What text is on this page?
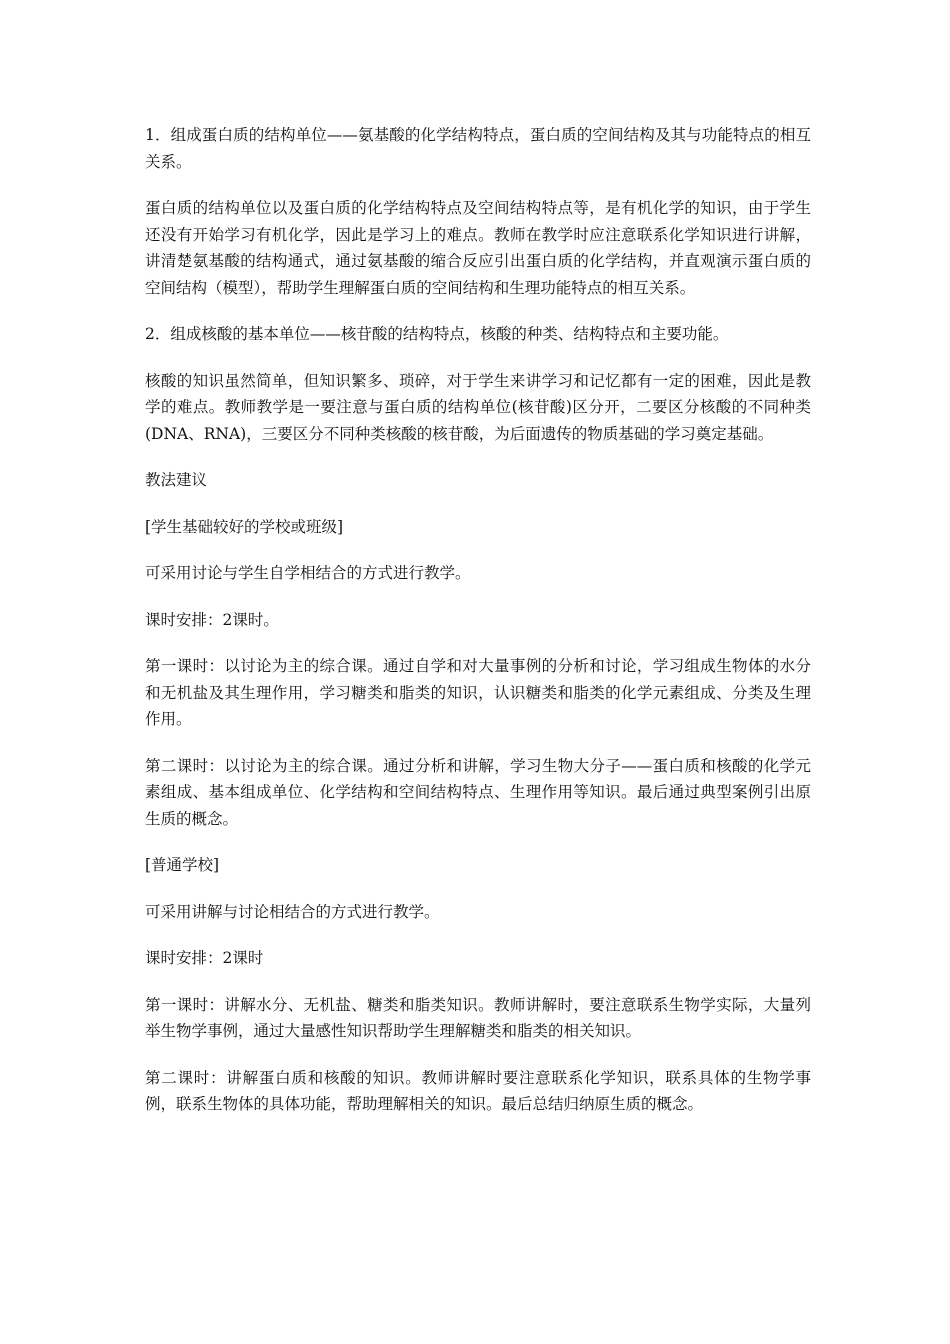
1．组成蛋白质的结构单位——氨基酸的化学结构特点，蛋白质的空间结构及其与功能特点的相互关系。

蛋白质的结构单位以及蛋白质的化学结构特点及空间结构特点等，是有机化学的知识，由于学生还没有开始学习有机化学，因此是学习上的难点。教师在教学时应注意联系化学知识进行讲解，讲清楚氨基酸的结构通式，通过氨基酸的缩合反应引出蛋白质的化学结构，并直观演示蛋白质的空间结构（模型），帮助学生理解蛋白质的空间结构和生理功能特点的相互关系。

2．组成核酸的基本单位——核苷酸的结构特点，核酸的种类、结构特点和主要功能。

核酸的知识虽然简单，但知识繁多、琐碎，对于学生来讲学习和记忆都有一定的困难，因此是教学的难点。教师教学是一要注意与蛋白质的结构单位(核苷酸)区分开，二要区分核酸的不同种类(DNA、RNA)，三要区分不同种类核酸的核苷酸，为后面遗传的物质基础的学习奠定基础。

教法建议

[学生基础较好的学校或班级]

可采用讨论与学生自学相结合的方式进行教学。

课时安排：2课时。

第一课时：以讨论为主的综合课。通过自学和对大量事例的分析和讨论，学习组成生物体的水分和无机盐及其生理作用，学习糖类和脂类的知识，认识糖类和脂类的化学元素组成、分类及生理作用。

第二课时：以讨论为主的综合课。通过分析和讲解，学习生物大分子——蛋白质和核酸的化学元素组成、基本组成单位、化学结构和空间结构特点、生理作用等知识。最后通过典型案例引出原生质的概念。

[普通学校]

可采用讲解与讨论相结合的方式进行教学。

课时安排：2课时

第一课时：讲解水分、无机盐、糖类和脂类知识。教师讲解时，要注意联系生物学实际，大量列举生物学事例，通过大量感性知识帮助学生理解糖类和脂类的相关知识。

第二课时：讲解蛋白质和核酸的知识。教师讲解时要注意联系化学知识，联系具体的生物学事例，联系生物体的具体功能，帮助理解相关的知识。最后总结归纳原生质的概念。
